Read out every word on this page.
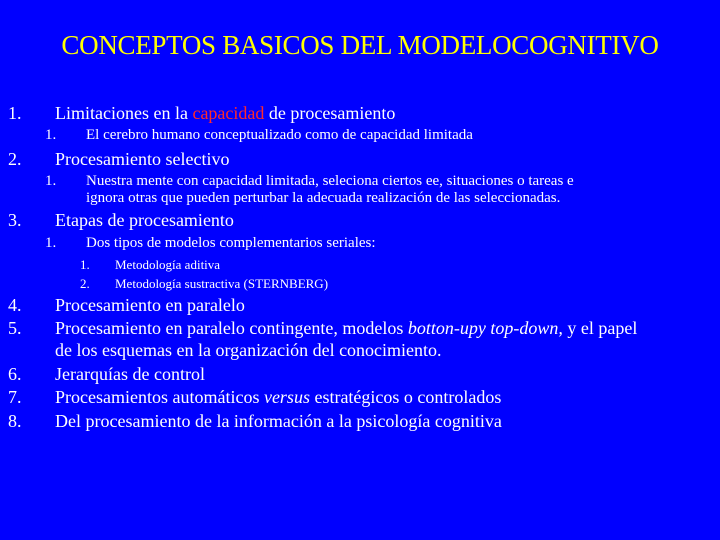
CONCEPTOS BASICOS DEL MODELOCOGNITIVO
1. Limitaciones en la capacidad de procesamiento
1. El cerebro humano conceptualizado como de capacidad limitada
2. Procesamiento selectivo
1. Nuestra mente con capacidad limitada, seleciona ciertos ee, situaciones o tareas e
ignora otras que pueden perturbar la adecuada realización de las seleccionadas.
3. Etapas de procesamiento
1. Dos tipos de modelos complementarios seriales:
1. Metodología aditiva
2. Metodología sustractiva (STERNBERG)
4. Procesamiento en paralelo
5. Procesamiento en paralelo contingente, modelos botton-upy top-down, y el papel
de los esquemas en la organización del conocimiento.
6. Jerarquías de control
7. Procesamientos automáticos versus estratégicos o controlados
8. Del procesamiento de la información a la psicología cognitiva
